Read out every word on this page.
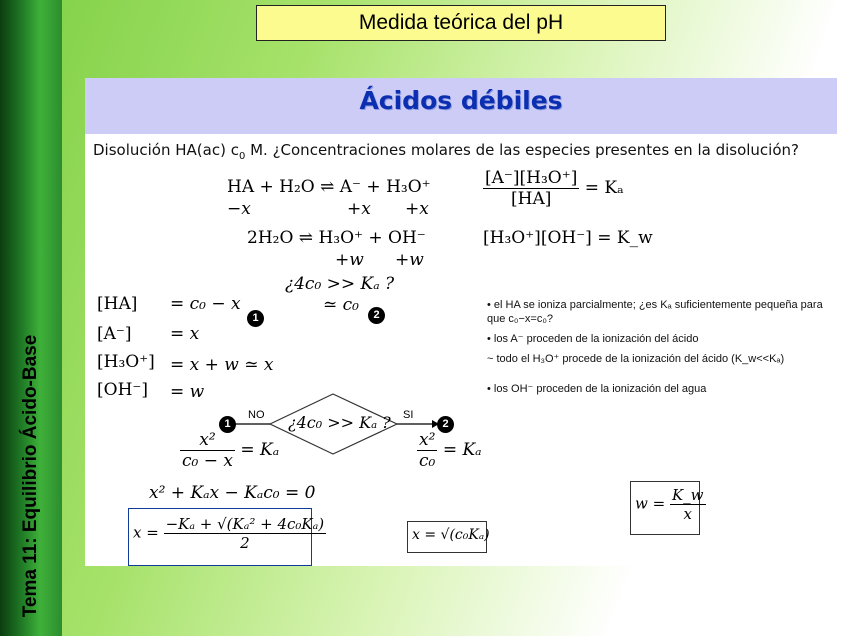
Tema 11: Equilibrio Ácido-Base
Medida teórica del pH
Ácidos débiles
Disolución HA(ac) $c_0$ M. ¿Concentraciones molares de las especies presentes en la disolución?
HA + H₂O ⇌ A⁻ + H₃O⁺
−x	+x +x	$\frac{\text{[A⁻][H₃O⁺]}}{[HA]} = K_a$
2H₂O ⇌ H₃O⁺ + OH⁻
+w +w
[H₃O⁺][OH⁻] = K_w
¿4c₀ >> Kₐ ?
≃ c₀
1	2
[HA] = c₀ − x
[A⁻] = x
[H₃O⁺] = x + w ≃ x
[OH⁻] = w
• el HA se ioniza parcialmente; ¿es Kₐ suficientemente pequeña para que c₀−x=c₀?
• los A⁻ proceden de la ionización del ácido
~ todo el H₃O⁺ procede de la ionización del ácido (K_w<<Kₐ)
• los OH⁻ proceden de la ionización del agua
¿4c₀ >> Kₐ ?
NO	SI
1	2
$\frac{\text{x²}}{\text{c₀ − x}} = K_a$	$\frac{\text{x²}}{\text{c₀}} = K_a$
x² + Kₐx − Kₐc₀ = 0
$x = \frac{\text{−Kₐ + √(Kₐ² + 4c₀Kₐ)}}{2}$	x = √(c₀Kₐ)
$w = \frac{K\_w}{x}$
